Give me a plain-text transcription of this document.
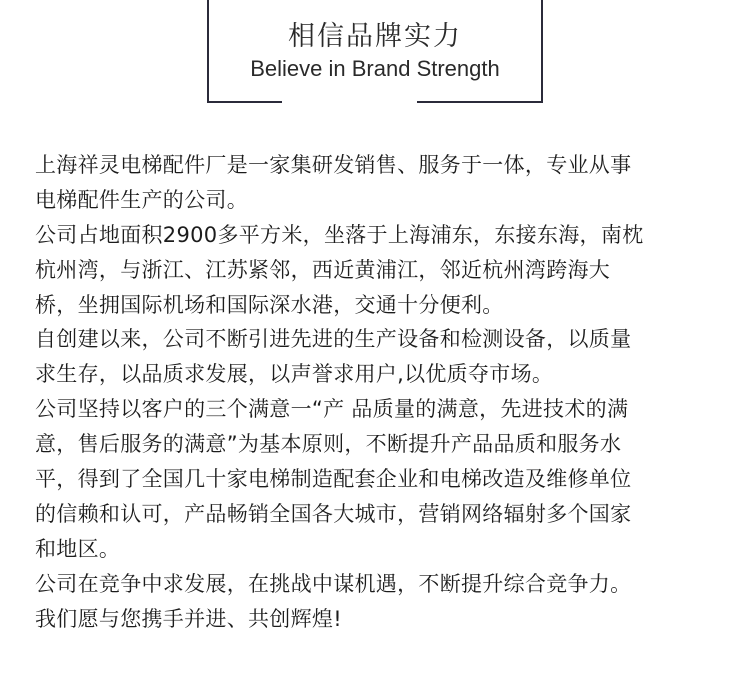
相信品牌实力
Believe in Brand Strength
上海祥灵电梯配件厂是一家集研发销售、服务于一体，专业从事
电梯配件生产的公司。
公司占地面积2900多平方米，坐落于上海浦东，东接东海，南枕
杭州湾，与浙江、江苏紧邻，西近黄浦江，邻近杭州湾跨海大
桥，坐拥国际机场和国际深水港，交通十分便利。
自创建以来，公司不断引进先进的生产设备和检测设备，以质量
求生存，以品质求发展，以声誉求用户,以优质夺市场。
公司坚持以客户的三个满意一“产 品质量的满意，先进技术的满
意，售后服务的满意”为基本原则，不断提升产品品质和服务水
平，得到了全国几十家电梯制造配套企业和电梯改造及维修单位
的信赖和认可，产品畅销全国各大城市，营销网络辐射多个国家
和地区。
公司在竞争中求发展，在挑战中谋机遇，不断提升综合竞争力。
我们愿与您携手并进、共创辉煌!
